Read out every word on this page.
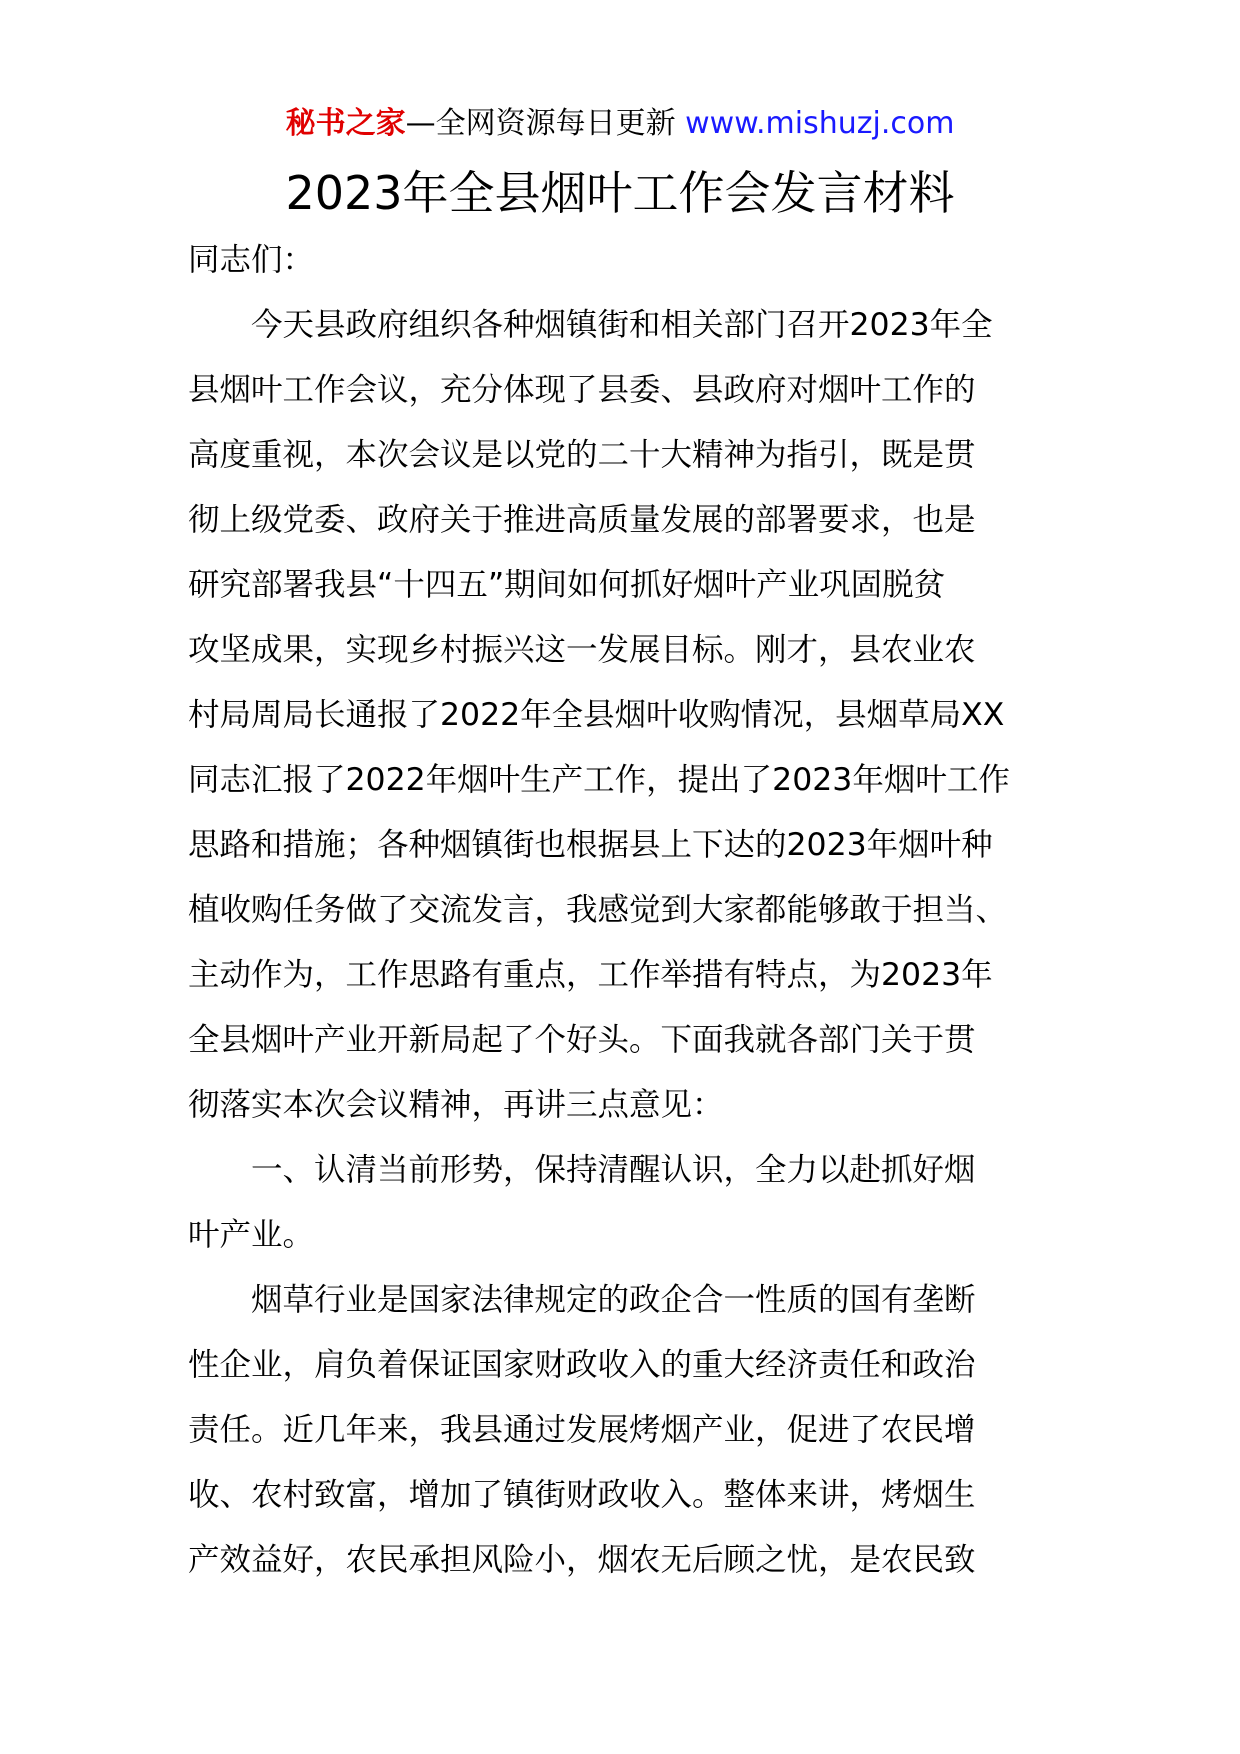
秘书之家—全网资源每日更新 www.mishuzj.com
2023年全县烟叶工作会发言材料
同志们：
　　今天县政府组织各种烟镇街和相关部门召开2023年全
县烟叶工作会议，充分体现了县委、县政府对烟叶工作的
高度重视，本次会议是以党的二十大精神为指引，既是贯
彻上级党委、政府关于推进高质量发展的部署要求，也是
研究部署我县“十四五”期间如何抓好烟叶产业巩固脱贫
攻坚成果，实现乡村振兴这一发展目标。刚才，县农业农
村局周局长通报了2022年全县烟叶收购情况，县烟草局XX
同志汇报了2022年烟叶生产工作，提出了2023年烟叶工作
思路和措施；各种烟镇街也根据县上下达的2023年烟叶种
植收购任务做了交流发言，我感觉到大家都能够敢于担当、
主动作为，工作思路有重点，工作举措有特点，为2023年
全县烟叶产业开新局起了个好头。下面我就各部门关于贯
彻落实本次会议精神，再讲三点意见：
　　一、认清当前形势，保持清醒认识，全力以赴抓好烟
叶产业。
　　烟草行业是国家法律规定的政企合一性质的国有垄断
性企业，肩负着保证国家财政收入的重大经济责任和政治
责任。近几年来，我县通过发展烤烟产业，促进了农民增
收、农村致富，增加了镇街财政收入。整体来讲，烤烟生
产效益好，农民承担风险小，烟农无后顾之忧，是农民致
